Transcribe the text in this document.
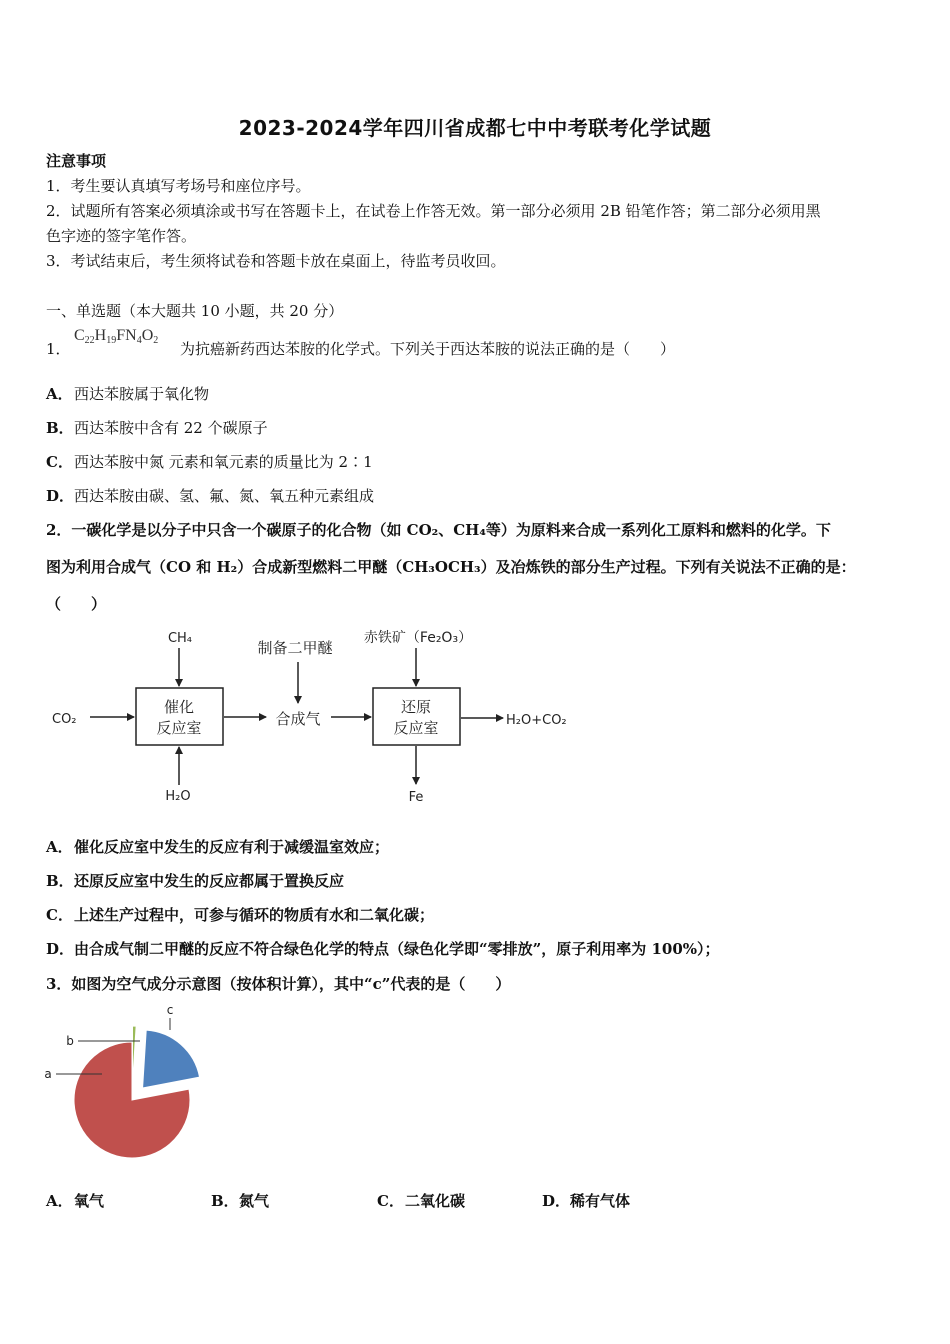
2023-2024学年四川省成都七中中考联考化学试题
注意事项
1．考生要认真填写考场号和座位序号。
2．试题所有答案必须填涂或书写在答题卡上，在试卷上作答无效。第一部分必须用 2B 铅笔作答；第二部分必须用黑
色字迹的签字笔作答。
3．考试结束后，考生须将试卷和答题卡放在桌面上，待监考员收回。
一、单选题（本大题共 10 小题，共 20 分）
1．
$C_{22}H_{19}FN_4O_2$ 为抗癌新药西达苯胺的化学式。下列关于西达苯胺的说法正确的是（　　）
A．西达苯胺属于氧化物
B．西达苯胺中含有 22 个碳原子
C．西达苯胺中氮 元素和氧元素的质量比为 2∶1
D．西达苯胺由碳、氢、氟、氮、氧五种元素组成
2．一碳化学是以分子中只含一个碳原子的化合物（如 CO₂、CH₄等）为原料来合成一系列化工原料和燃料的化学。下
图为利用合成气（CO 和 H₂）合成新型燃料二甲醚（CH₃OCH₃）及冶炼铁的部分生产过程。下列有关说法不正确的是：
（　　）
催化
反应室
还原
反应室
CH₄
CO₂
H₂O
合成气
制备二甲醚
赤铁矿（Fe₂O₃）
H₂O+CO₂
Fe
A．催化反应室中发生的反应有利于减缓温室效应；
B．还原反应室中发生的反应都属于置换反应
C．上述生产过程中，可参与循环的物质有水和二氧化碳；
D．由合成气制二甲醚的反应不符合绿色化学的特点（绿色化学即“零排放”，原子利用率为 100%）；
3．如图为空气成分示意图（按体积计算），其中“c”代表的是（　　）
c
b
a
A．氧气	B．氮气	C．二氧化碳	D．稀有气体
